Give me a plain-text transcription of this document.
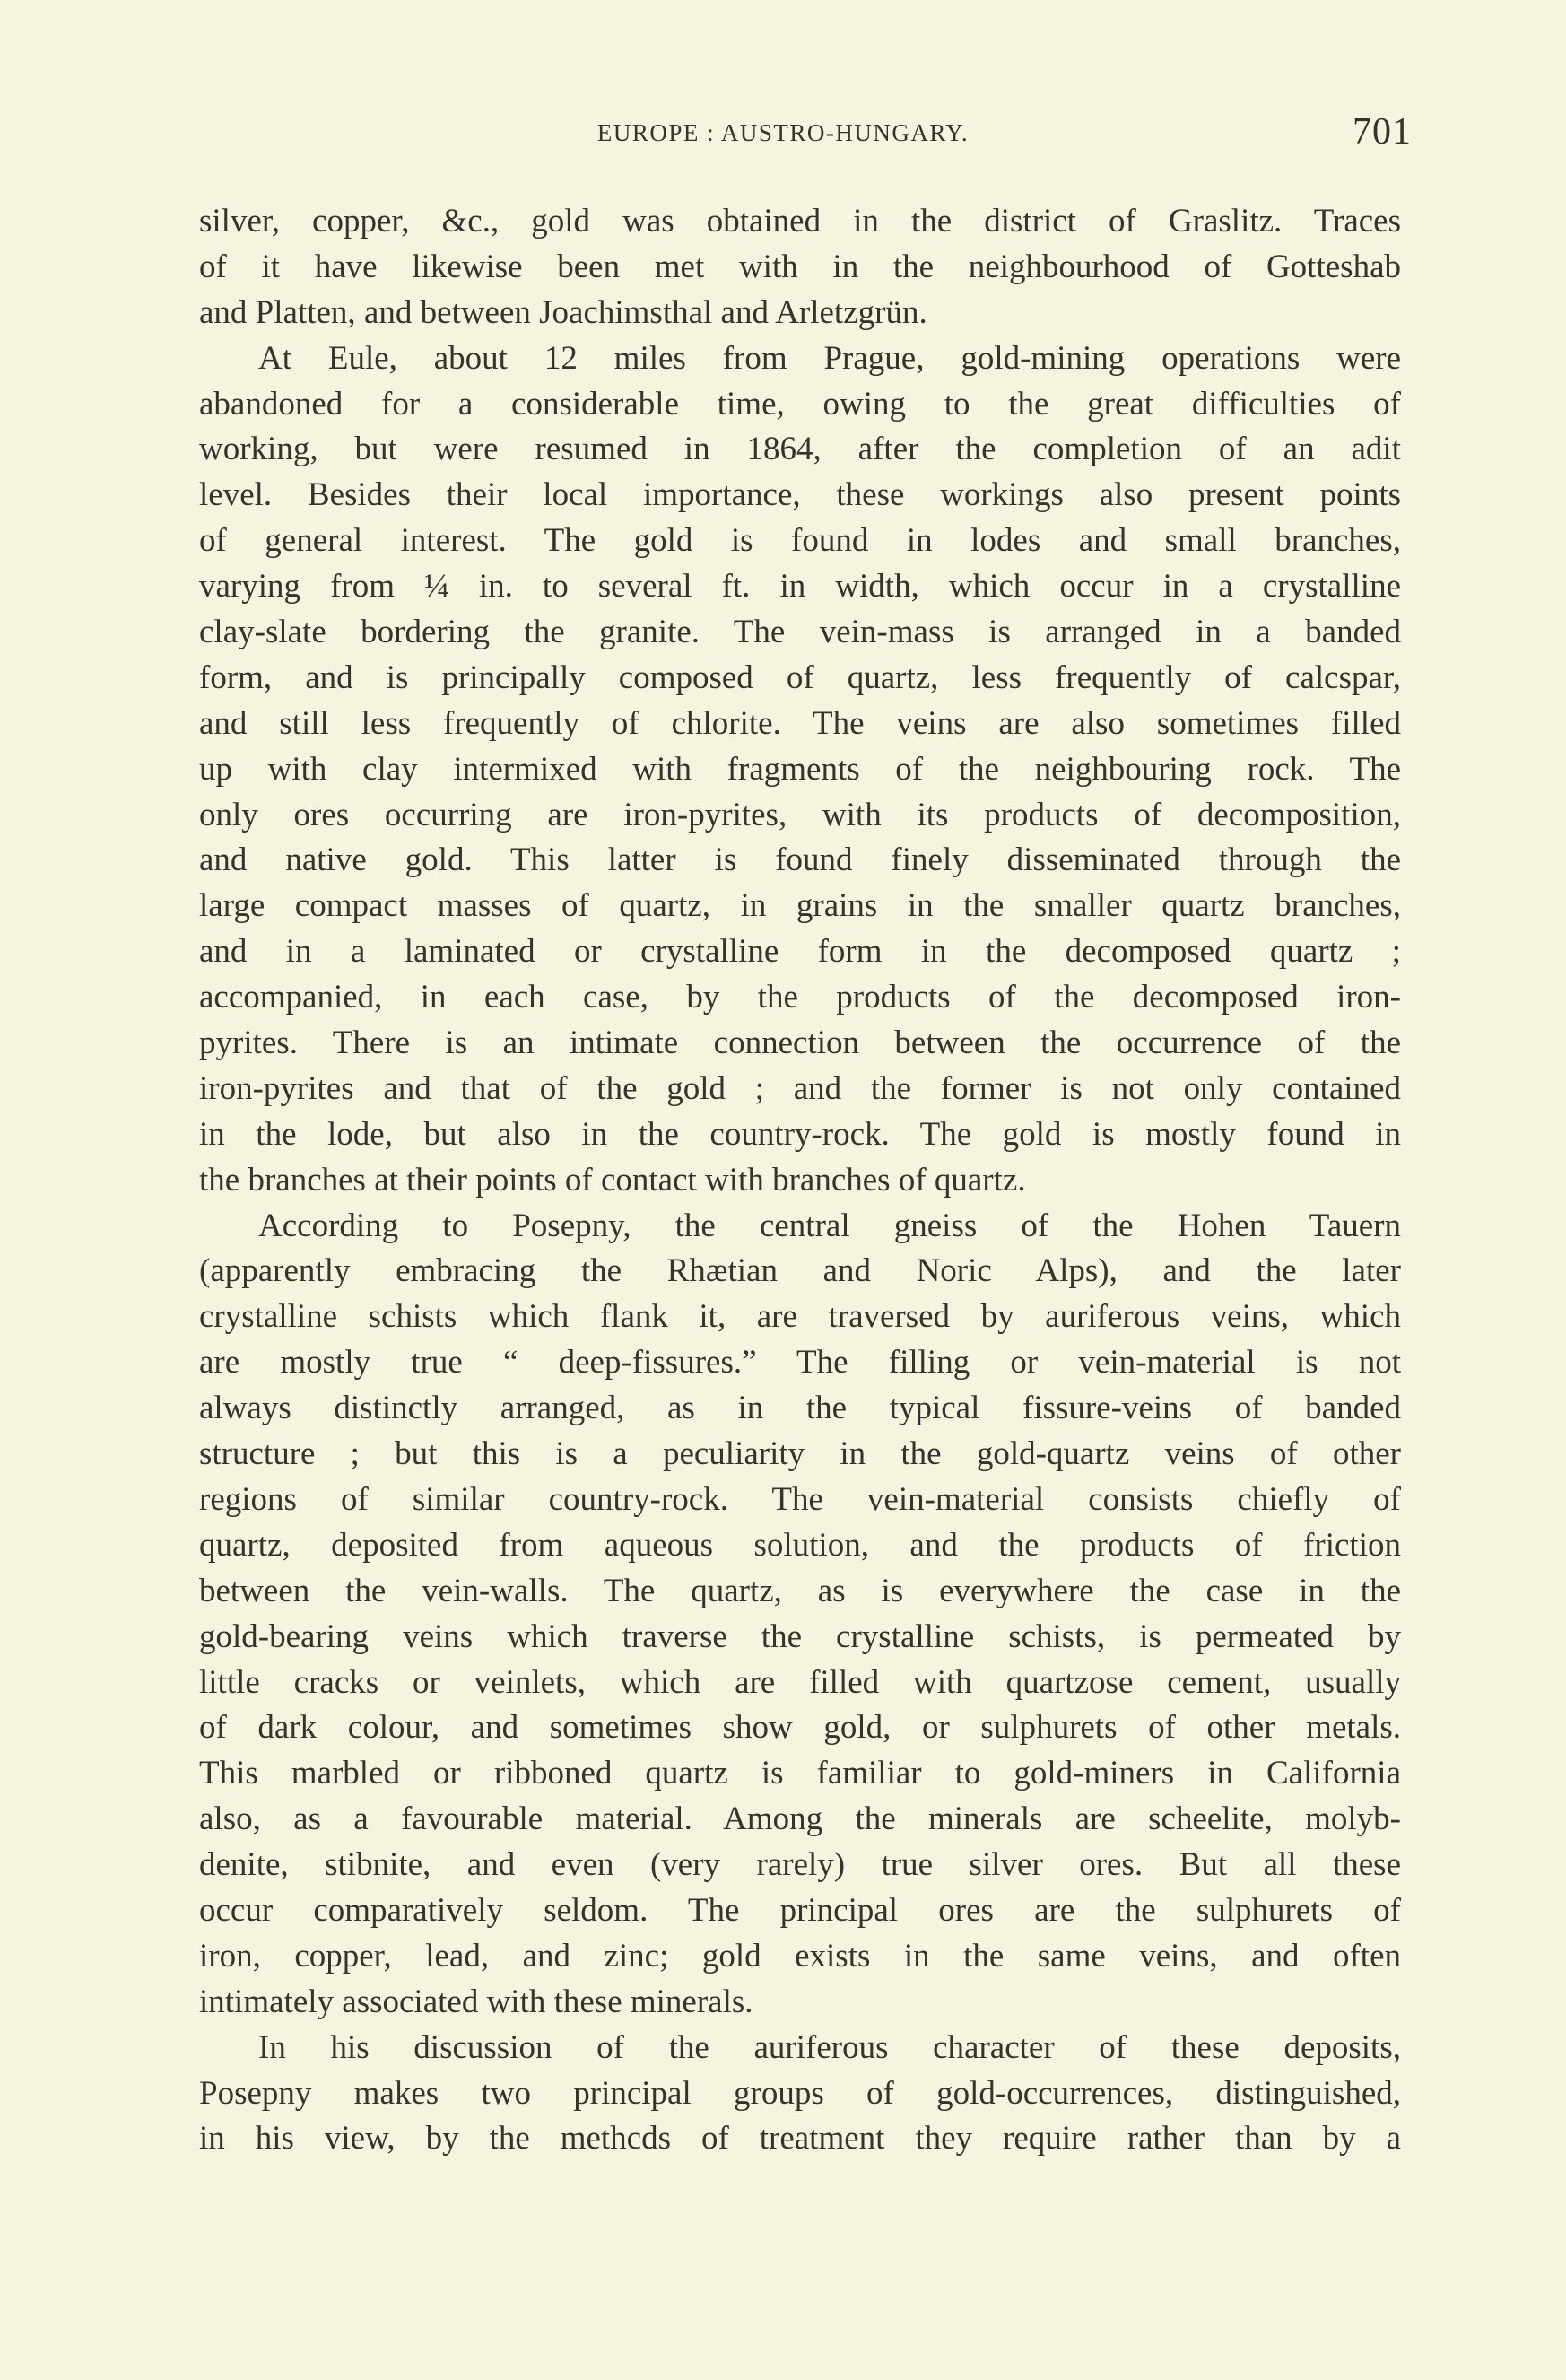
EUROPE : AUSTRO-HUNGARY.	701
silver, copper, &c., gold was obtained in the district of Graslitz. Traces
of it have likewise been met with in the neighbourhood of Gotteshab
and Platten, and between Joachimsthal and Arletzgrün.
At Eule, about 12 miles from Prague, gold-mining operations were
abandoned for a considerable time, owing to the great difficulties of
working, but were resumed in 1864, after the completion of an adit
level. Besides their local importance, these workings also present points
of general interest. The gold is found in lodes and small branches,
varying from ¼ in. to several ft. in width, which occur in a crystalline
clay-slate bordering the granite. The vein-mass is arranged in a banded
form, and is principally composed of quartz, less frequently of calcspar,
and still less frequently of chlorite. The veins are also sometimes filled
up with clay intermixed with fragments of the neighbouring rock. The
only ores occurring are iron-pyrites, with its products of decomposition,
and native gold. This latter is found finely disseminated through the
large compact masses of quartz, in grains in the smaller quartz branches,
and in a laminated or crystalline form in the decomposed quartz ;
accompanied, in each case, by the products of the decomposed iron-
pyrites. There is an intimate connection between the occurrence of the
iron-pyrites and that of the gold ; and the former is not only contained
in the lode, but also in the country-rock. The gold is mostly found in
the branches at their points of contact with branches of quartz.
According to Posepny, the central gneiss of the Hohen Tauern
(apparently embracing the Rhætian and Noric Alps), and the later
crystalline schists which flank it, are traversed by auriferous veins, which
are mostly true “ deep-fissures.” The filling or vein-material is not
always distinctly arranged, as in the typical fissure-veins of banded
structure ; but this is a peculiarity in the gold-quartz veins of other
regions of similar country-rock. The vein-material consists chiefly of
quartz, deposited from aqueous solution, and the products of friction
between the vein-walls. The quartz, as is everywhere the case in the
gold-bearing veins which traverse the crystalline schists, is permeated by
little cracks or veinlets, which are filled with quartzose cement, usually
of dark colour, and sometimes show gold, or sulphurets of other metals.
This marbled or ribboned quartz is familiar to gold-miners in California
also, as a favourable material. Among the minerals are scheelite, molyb-
denite, stibnite, and even (very rarely) true silver ores. But all these
occur comparatively seldom. The principal ores are the sulphurets of
iron, copper, lead, and zinc; gold exists in the same veins, and often
intimately associated with these minerals.
In his discussion of the auriferous character of these deposits,
Posepny makes two principal groups of gold-occurrences, distinguished,
in his view, by the methcds of treatment they require rather than by a
